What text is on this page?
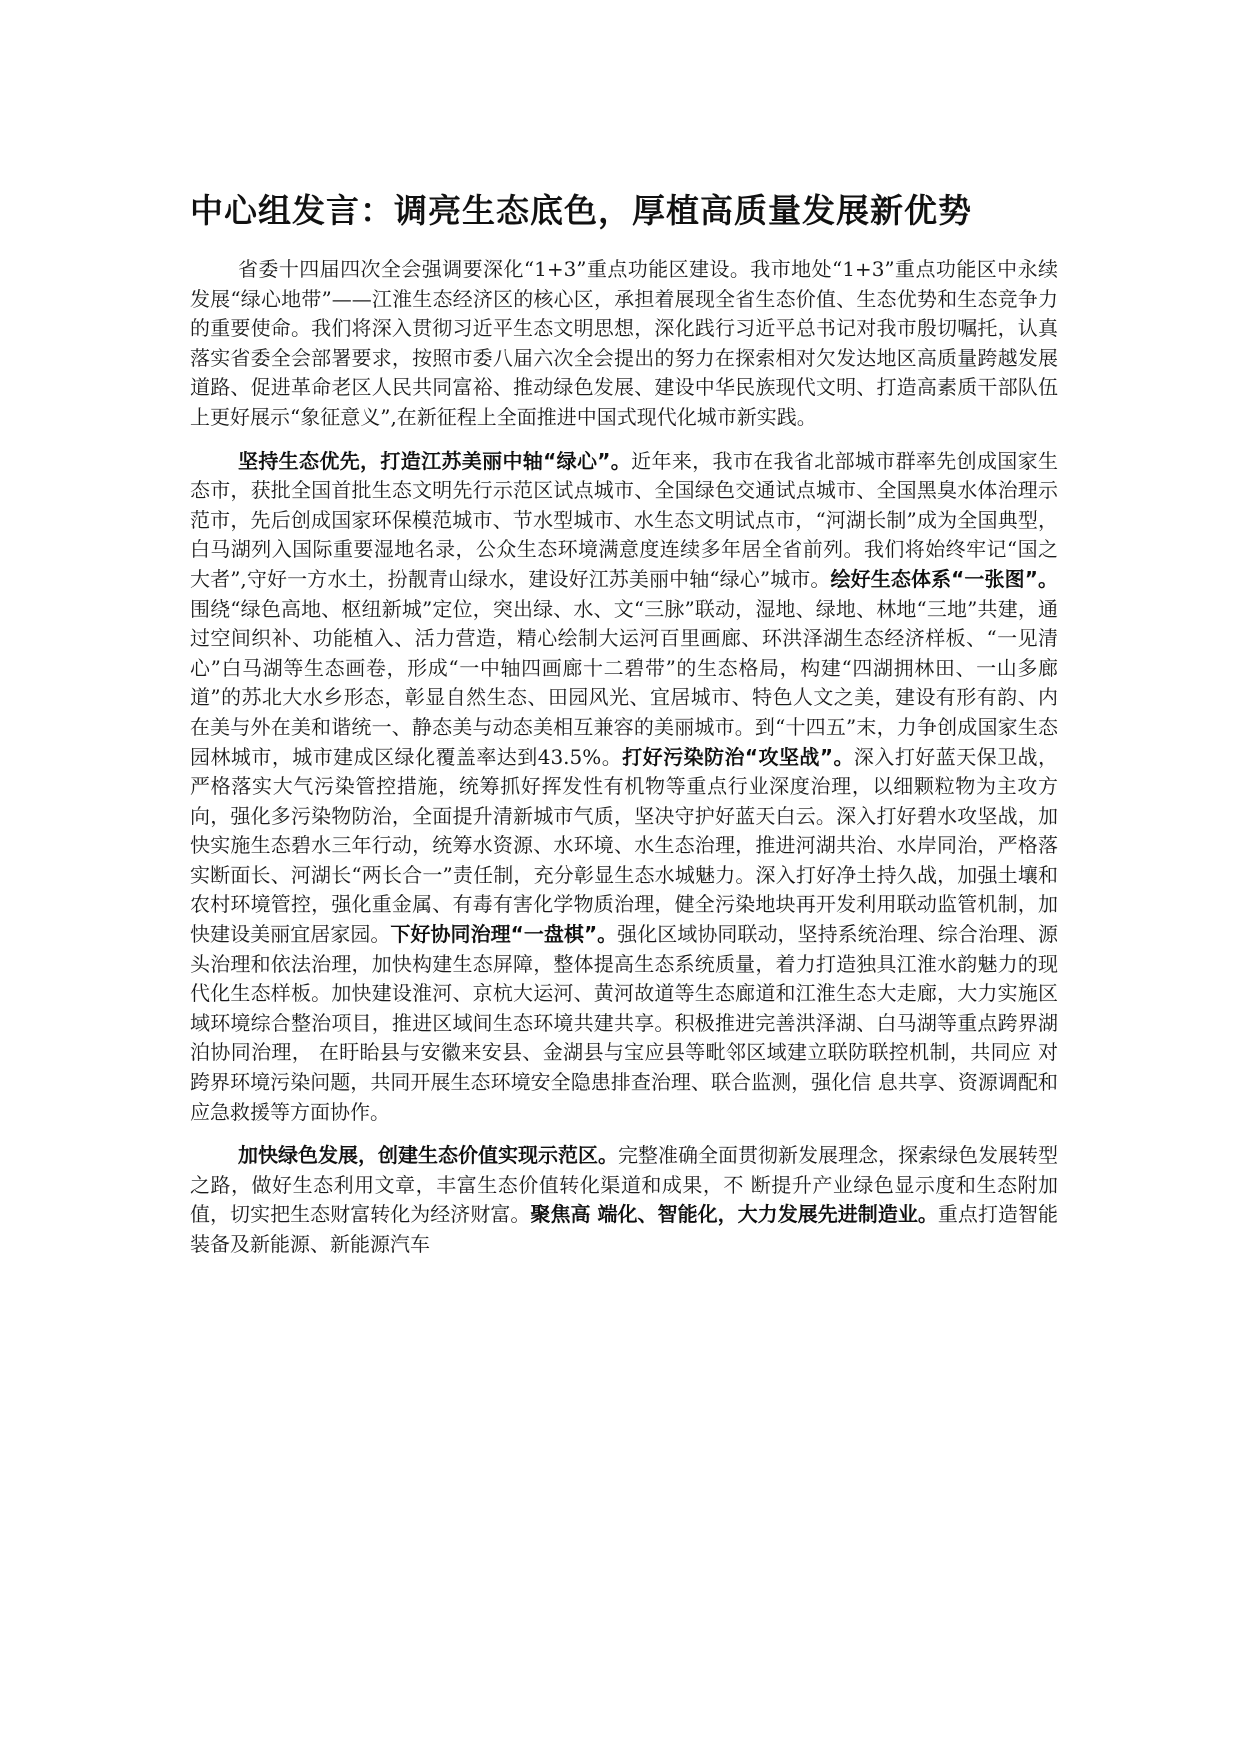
中心组发言：调亮生态底色，厚植高质量发展新优势

省委十四届四次全会强调要深化“1+3”重点功能区建设。我市地处“1+3”重点功能区中永续发展“绿心地带”——江淮生态经济区的核心区，承担着展现全省生态价值、生态优势和生态竞争力的重要使命。我们将深入贯彻习近平生态文明思想，深化践行习近平总书记对我市殷切嘱托，认真落实省委全会部署要求，按照市委八届六次全会提出的努力在探索相对欠发达地区高质量跨越发展道路、促进革命老区人民共同富裕、推动绿色发展、建设中华民族现代文明、打造高素质干部队伍上更好展示“象征意义”,在新征程上全面推进中国式现代化城市新实践。

坚持生态优先，打造江苏美丽中轴“绿心”。近年来，我市在我省北部城市群率先创成国家生态市，获批全国首批生态文明先行示范区试点城市、全国绿色交通试点城市、全国黑臭水体治理示范市，先后创成国家环保模范城市、节水型城市、水生态文明试点市，“河湖长制”成为全国典型，白马湖列入国际重要湿地名录，公众生态环境满意度连续多年居全省前列。我们将始终牢记“国之大者”,守好一方水土，扮靓青山绿水，建设好江苏美丽中轴“绿心”城市。绘好生态体系“一张图”。围绕“绿色高地、枢纽新城”定位，突出绿、水、文“三脉”联动，湿地、绿地、林地“三地”共建，通过空间织补、功能植入、活力营造，精心绘制大运河百里画廊、环洪泽湖生态经济样板、“一见清心”白马湖等生态画卷，形成“一中轴四画廊十二碧带”的生态格局，构建“四湖拥林田、一山多廊道”的苏北大水乡形态，彰显自然生态、田园风光、宜居城市、特色人文之美，建设有形有韵、内在美与外在美和谐统一、静态美与动态美相互兼容的美丽城市。到“十四五”末，力争创成国家生态园林城市，城市建成区绿化覆盖率达到43.5%。打好污染防治“攻坚战”。深入打好蓝天保卫战，严格落实大气污染管控措施，统筹抓好挥发性有机物等重点行业深度治理，以细颗粒物为主攻方向，强化多污染物防治，全面提升清新城市气质，坚决守护好蓝天白云。深入打好碧水攻坚战，加快实施生态碧水三年行动，统筹水资源、水环境、水生态治理，推进河湖共治、水岸同治，严格落实断面长、河湖长“两长合一”责任制，充分彰显生态水城魅力。深入打好净土持久战，加强土壤和农村环境管控，强化重金属、有毒有害化学物质治理，健全污染地块再开发利用联动监管机制，加快建设美丽宜居家园。下好协同治理“一盘棋”。强化区域协同联动，坚持系统治理、综合治理、源头治理和依法治理，加快构建生态屏障，整体提高生态系统质量，着力打造独具江淮水韵魅力的现代化生态样板。加快建设淮河、京杭大运河、黄河故道等生态廊道和江淮生态大走廊，大力实施区域环境综合整治项目，推进区域间生态环境共建共享。积极推进完善洪泽湖、白马湖等重点跨界湖泊协同治理， 在盱眙县与安徽来安县、金湖县与宝应县等毗邻区域建立联防联控机制，共同应 对跨界环境污染问题，共同开展生态环境安全隐患排查治理、联合监测，强化信 息共享、资源调配和应急救援等方面协作。

加快绿色发展，创建生态价值实现示范区。完整准确全面贯彻新发展理念，探索绿色发展转型之路，做好生态利用文章，丰富生态价值转化渠道和成果，不 断提升产业绿色显示度和生态附加值，切实把生态财富转化为经济财富。聚焦高 端化、智能化，大力发展先进制造业。重点打造智能装备及新能源、新能源汽车
